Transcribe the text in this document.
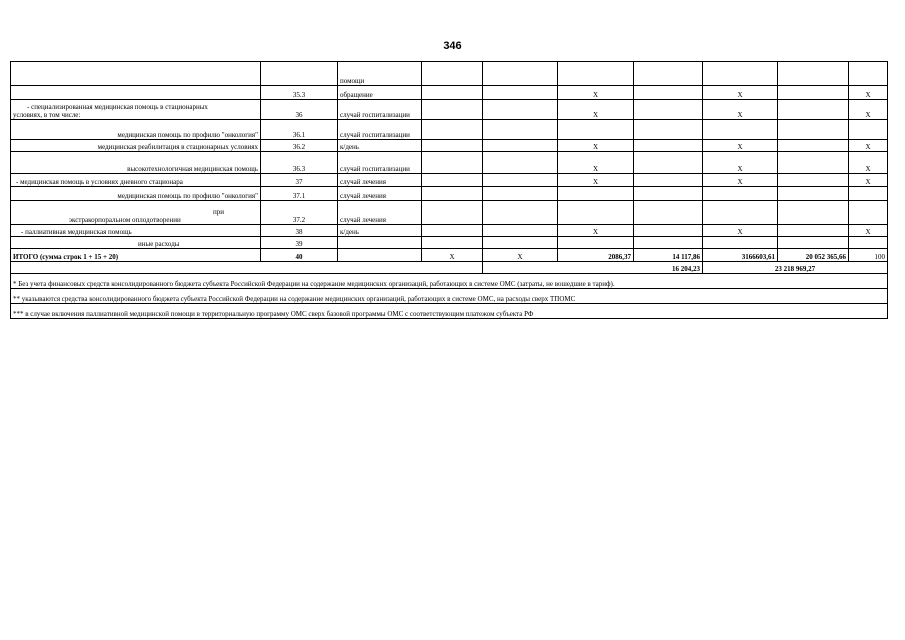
346
		помощи							
	35.3	обращение			X		X		X

- специализированная медицинская помощь в стационарных
условиях, в том числе:	36	случай госпитализации			X		X		X
медицинская помощь по профилю "онкология"	36.1	случай госпитализации							
медицинская реабилитация в стационарных условиях	36.2	к/день			X		X		X
высокотехнологичная медицинская помощь	36.3	случай госпитализации			X		X		X
- медицинская помощь в условиях дневного стационара	37	случай лечения			X		X		X
медицинская помощь по профилю "онкология"	37.1	случай лечения							

при
экстракорпоральном оплодотворении	37.2	случай лечения							
- паллиативная медицинская помощь	38	к/день			X		X		X
иные расходы	39								
ИТОГО (сумма строк 1 + 15 + 20)	40		X	X	2086,37	14 117,86	3166603,61	20 052 365,66	100
				16 204,23			23 218 969,27		
* Без учета финансовых средств консолидированного бюджета субъекта Российской Федерации на содержание медицинских организаций, работающих в системе ОМС (затраты, не вошедшие в тариф).									
** указываются средства консолидированного бюджета субъекта Российской Федерации на содержание медицинских организаций, работающих в системе ОМС, на расходы сверх ТПОМС									
*** в случае включения паллиативной медицинской помощи в территориальную программу ОМС сверх базовой программы ОМС с соответствующим платежом субъекта РФ									
